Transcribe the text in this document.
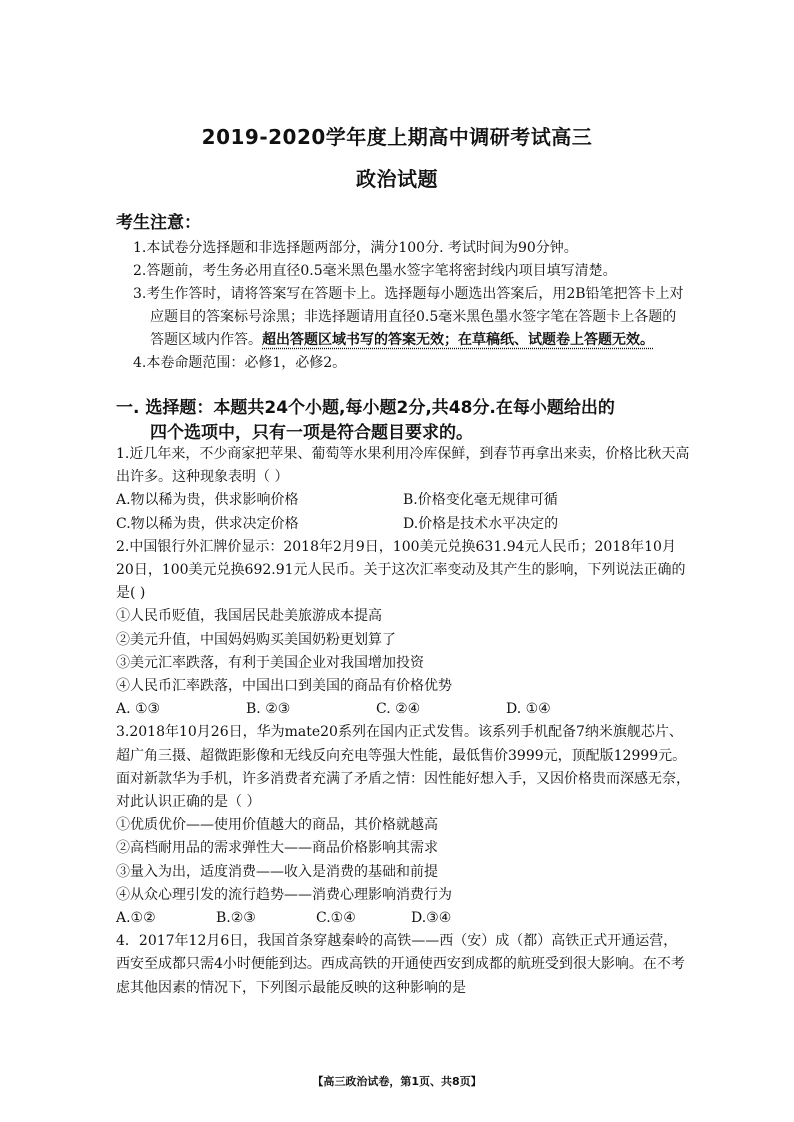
2019-2020学年度上期高中调研考试高三
政治试题
考生注意：

1.本试卷分选择题和非选择题两部分，满分100分. 考试时间为90分钟。

2.答题前，考生务必用直径0.5毫米黑色墨水签字笔将密封线内项目填写清楚。

3.考生作答时，请将答案写在答题卡上。选择题每小题选出答案后，用2B铅笔把答卡上对应题目的答案标号涂黑；非选择题请用直径0.5毫米黑色墨水签字笔在答题卡上各题的答题区域内作答。超出答题区域书写的答案无效；在草稿纸、试题卷上答题无效。

4.本卷命题范围：必修1，必修2。

一. 选择题：本题共24个小题,每小题2分,共48分.在每小题给出的

四个选项中，只有一项是符合题目要求的。

1.近几年来，不少商家把苹果、葡萄等水果利用冷库保鲜，到春节再拿出来卖，价格比秋天高出许多。这种现象表明（ ）

A.物以稀为贵，供求影响价格	B.价格变化毫无规律可循
C.物以稀为贵，供求决定价格	D.价格是技术水平决定的

2.中国银行外汇牌价显示：2018年2月9日，100美元兑换631.94元人民币；2018年10月20日，100美元兑换692.91元人民币。关于这次汇率变动及其产生的影响，下列说法正确的是( )

①人民币贬值，我国居民赴美旅游成本提高

②美元升值，中国妈妈购买美国奶粉更划算了

③美元汇率跌落，有利于美国企业对我国增加投资

④人民币汇率跌落，中国出口到美国的商品有价格优势

A. ①③	B. ②③	C. ②④	D. ①④

3.2018年10月26日，华为mate20系列在国内正式发售。该系列手机配备7纳米旗舰芯片、超广角三摄、超微距影像和无线反向充电等强大性能，最低售价3999元，顶配版12999元。面对新款华为手机，许多消费者充满了矛盾之情：因性能好想入手，又因价格贵而深感无奈，对此认识正确的是（ ）

①优质优价——使用价值越大的商品，其价格就越高

②高档耐用品的需求弹性大——商品价格影响其需求

③量入为出，适度消费——收入是消费的基础和前提

④从众心理引发的流行趋势——消费心理影响消费行为

A.①②	B.②③	C.①④	D.③④

4．2017年12月6日，我国首条穿越秦岭的高铁——西（安）成（都）高铁正式开通运营，西安至成都只需4小时便能到达。西成高铁的开通使西安到成都的航班受到很大影响。在不考虑其他因素的情况下，下列图示最能反映的这种影响的是

【高三政治试卷，第1页、共8页】
